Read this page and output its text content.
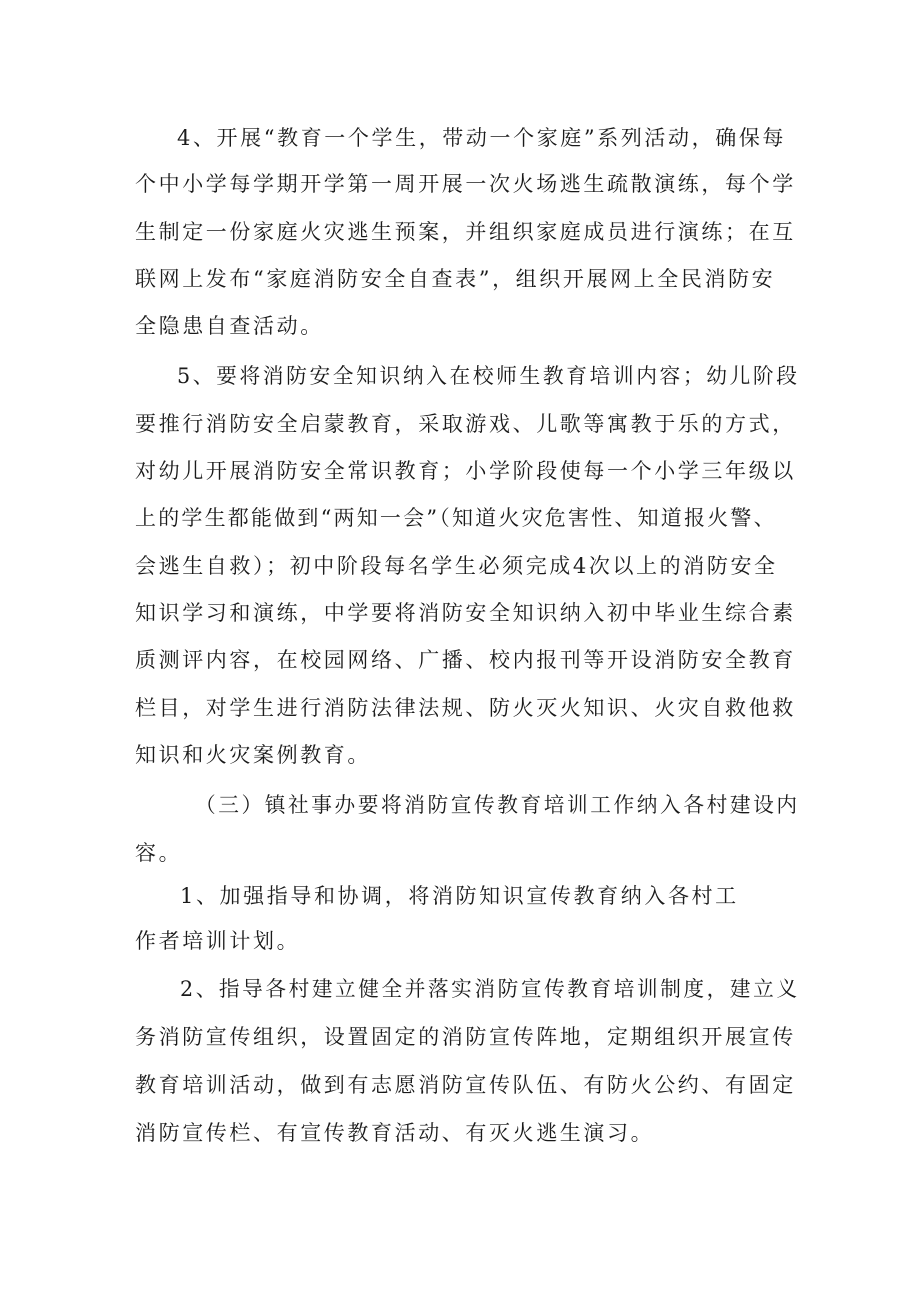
4、开展“教育一个学生，带动一个家庭”系列活动，确保每
个中小学每学期开学第一周开展一次火场逃生疏散演练，每个学
生制定一份家庭火灾逃生预案，并组织家庭成员进行演练；在互
联网上发布“家庭消防安全自查表”，组织开展网上全民消防安
全隐患自查活动。
5、要将消防安全知识纳入在校师生教育培训内容；幼儿阶段
要推行消防安全启蒙教育，采取游戏、儿歌等寓教于乐的方式，
对幼儿开展消防安全常识教育；小学阶段使每一个小学三年级以
上的学生都能做到“两知一会”（知道火灾危害性、知道报火警、
会逃生自救）；初中阶段每名学生必须完成4次以上的消防安全
知识学习和演练，中学要将消防安全知识纳入初中毕业生综合素
质测评内容，在校园网络、广播、校内报刊等开设消防安全教育
栏目，对学生进行消防法律法规、防火灭火知识、火灾自救他救
知识和火灾案例教育。
（三）镇社事办要将消防宣传教育培训工作纳入各村建设内
容。
1、加强指导和协调，将消防知识宣传教育纳入各村工
作者培训计划。
2、指导各村建立健全并落实消防宣传教育培训制度，建立义
务消防宣传组织，设置固定的消防宣传阵地，定期组织开展宣传
教育培训活动，做到有志愿消防宣传队伍、有防火公约、有固定
消防宣传栏、有宣传教育活动、有灭火逃生演习。
